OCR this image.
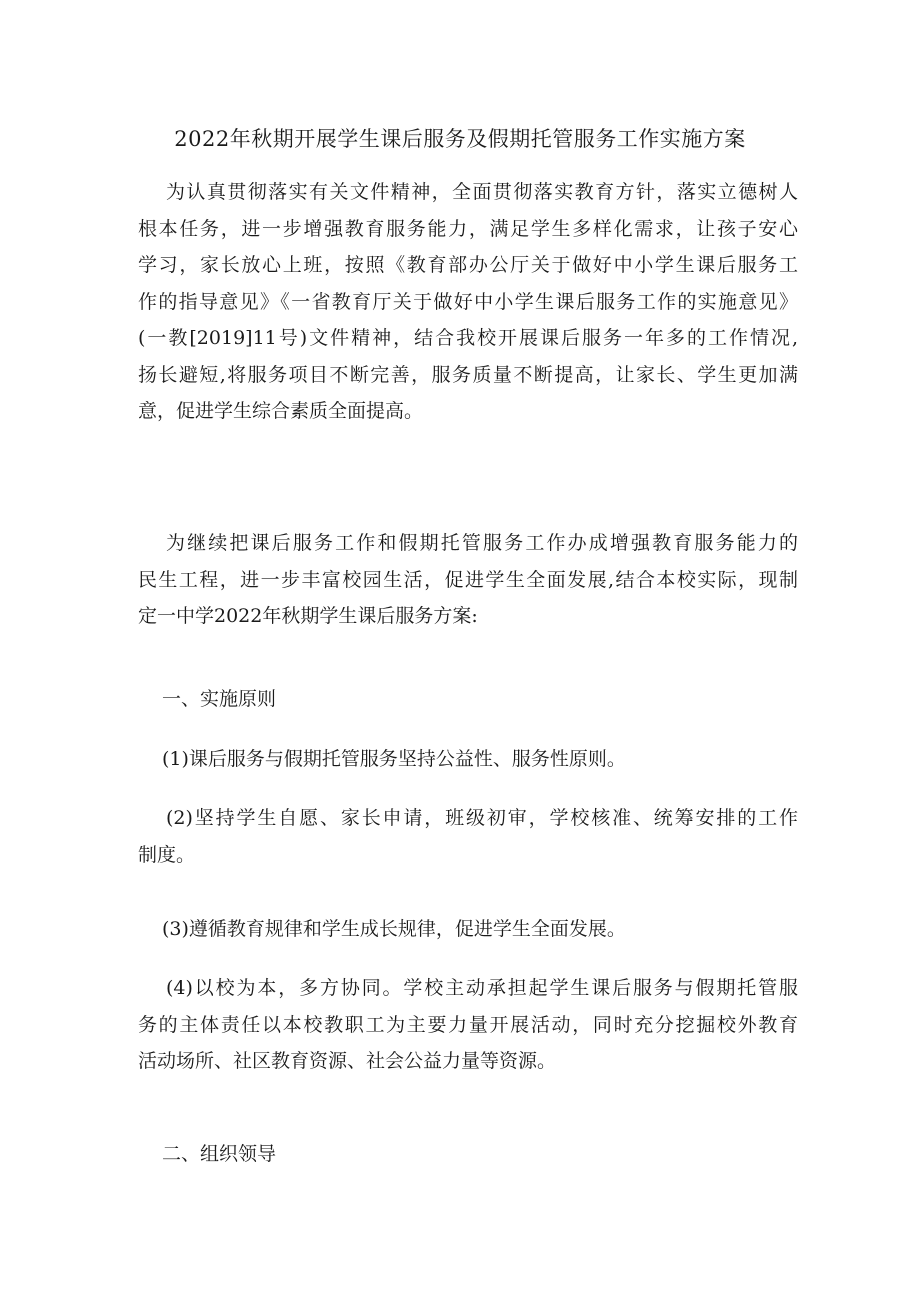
2022年秋期开展学生课后服务及假期托管服务工作实施方案

为认真贯彻落实有关文件精神，全面贯彻落实教育方针，落实立德树人
根本任务，进一步增强教育服务能力，满足学生多样化需求，让孩子安心
学习，家长放心上班，按照《教育部办公厅关于做好中小学生课后服务工
作的指导意见》《一省教育厅关于做好中小学生课后服务工作的实施意见》
(一教[2019]11号)文件精神，结合我校开展课后服务一年多的工作情况,
扬长避短,将服务项目不断完善，服务质量不断提高，让家长、学生更加满
意，促进学生综合素质全面提高。

为继续把课后服务工作和假期托管服务工作办成增强教育服务能力的
民生工程，进一步丰富校园生活，促进学生全面发展,结合本校实际，现制
定一中学2022年秋期学生课后服务方案:

一、实施原则

(1)课后服务与假期托管服务坚持公益性、服务性原则。

(2)坚持学生自愿、家长申请，班级初审，学校核准、统筹安排的工作
制度。

(3)遵循教育规律和学生成长规律，促进学生全面发展。

(4)以校为本，多方协同。学校主动承担起学生课后服务与假期托管服
务的主体责任以本校教职工为主要力量开展活动，同时充分挖掘校外教育
活动场所、社区教育资源、社会公益力量等资源。

二、组织领导
